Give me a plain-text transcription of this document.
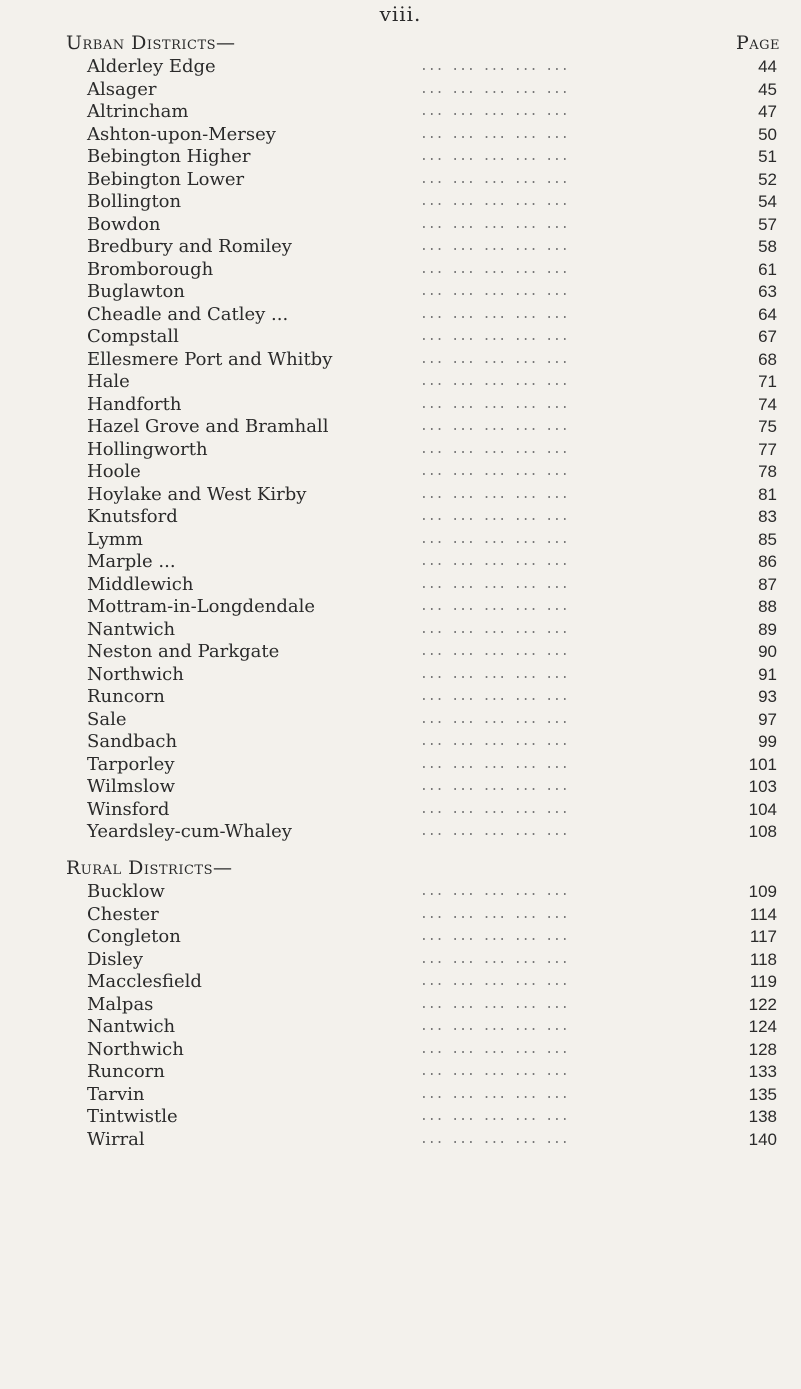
viii.
Urban Districts—	Page
Alderley Edge	... ... ... ... ...	44
Alsager	... ... ... ... ...	45
Altrincham	... ... ... ... ...	47
Ashton-upon-Mersey	... ... ... ... ...	50
Bebington Higher	... ... ... ... ...	51
Bebington Lower	... ... ... ... ...	52
Bollington	... ... ... ... ...	54
Bowdon	... ... ... ... ...	57
Bredbury and Romiley	... ... ... ... ...	58
Bromborough	... ... ... ... ...	61
Buglawton	... ... ... ... ...	63
Cheadle and Catley ...	... ... ... ... ...	64
Compstall	... ... ... ... ...	67
Ellesmere Port and Whitby	... ... ... ... ...	68
Hale	... ... ... ... ...	71
Handforth	... ... ... ... ...	74
Hazel Grove and Bramhall	... ... ... ... ...	75
Hollingworth	... ... ... ... ...	77
Hoole	... ... ... ... ...	78
Hoylake and West Kirby	... ... ... ... ...	81
Knutsford	... ... ... ... ...	83
Lymm	... ... ... ... ...	85
Marple ...	... ... ... ... ...	86
Middlewich	... ... ... ... ...	87
Mottram-in-Longdendale	... ... ... ... ...	88
Nantwich	... ... ... ... ...	89
Neston and Parkgate	... ... ... ... ...	90
Northwich	... ... ... ... ...	91
Runcorn	... ... ... ... ...	93
Sale	... ... ... ... ...	97
Sandbach	... ... ... ... ...	99
Tarporley	... ... ... ... ...	101
Wilmslow	... ... ... ... ...	103
Winsford	... ... ... ... ...	104
Yeardsley-cum-Whaley	... ... ... ... ...	108
Rural Districts—
Bucklow	... ... ... ... ...	109
Chester	... ... ... ... ...	114
Congleton	... ... ... ... ...	117
Disley	... ... ... ... ...	118
Macclesfield	... ... ... ... ...	119
Malpas	... ... ... ... ...	122
Nantwich	... ... ... ... ...	124
Northwich	... ... ... ... ...	128
Runcorn	... ... ... ... ...	133
Tarvin	... ... ... ... ...	135
Tintwistle	... ... ... ... ...	138
Wirral	... ... ... ... ...	140
